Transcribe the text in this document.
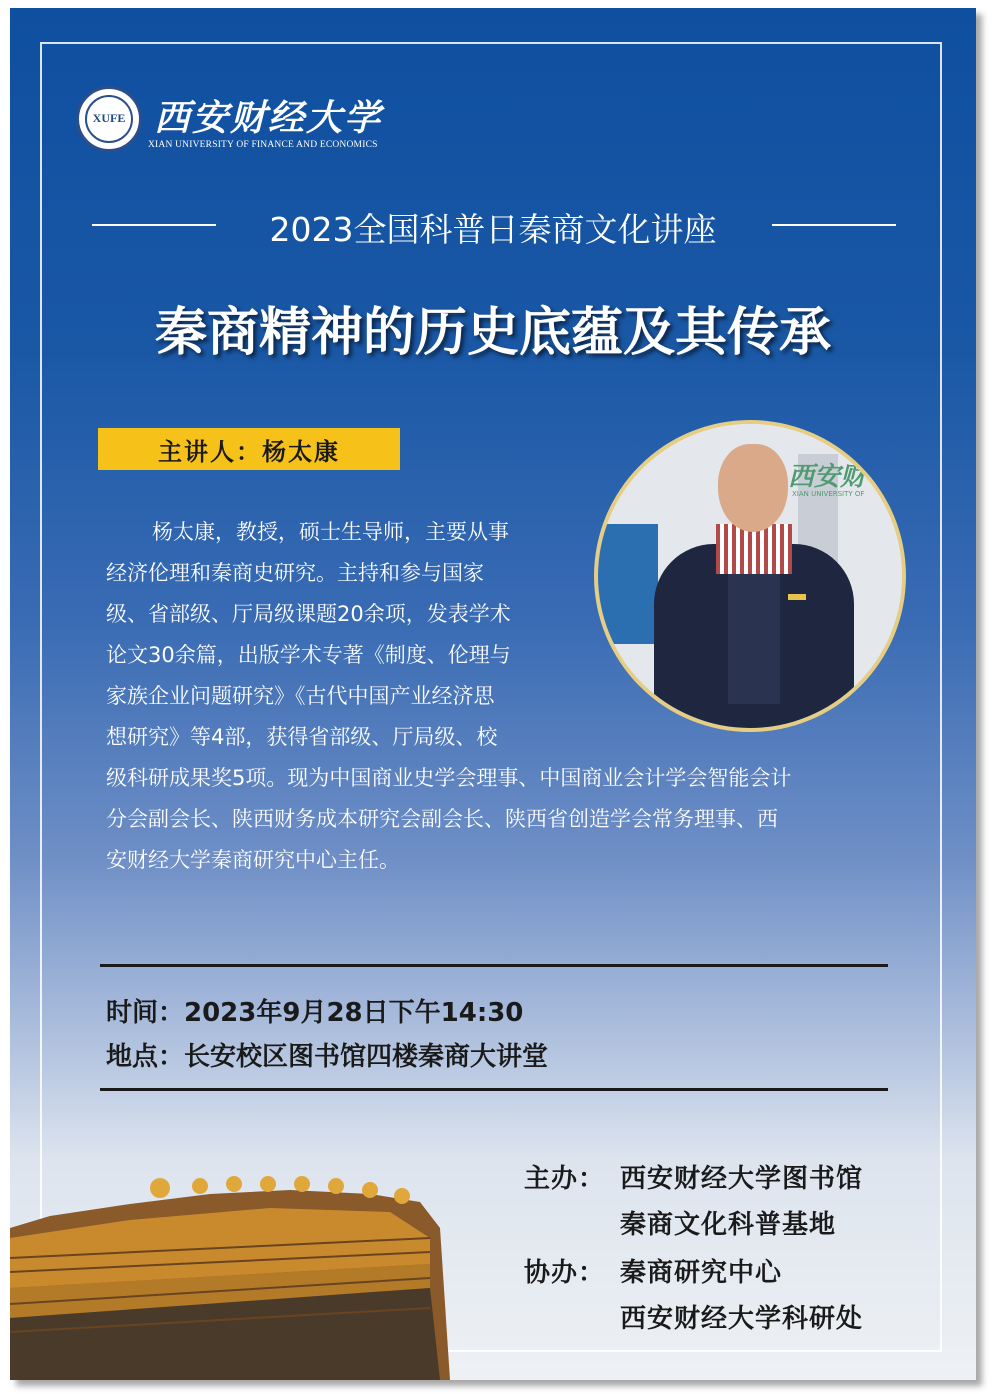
XUFE 西安财经大学
XIAN UNIVERSITY OF FINANCE AND ECONOMICS
2023全国科普日秦商文化讲座
秦商精神的历史底蕴及其传承
主讲人：杨太康
西安财
XIAN UNIVERSITY OF
杨太康，教授，硕士生导师，主要从事
经济伦理和秦商史研究。主持和参与国家
级、省部级、厅局级课题20余项，发表学术
论文30余篇，出版学术专著《制度、伦理与
家族企业问题研究》《古代中国产业经济思
想研究》等4部，获得省部级、厅局级、校
级科研成果奖5项。现为中国商业史学会理事、中国商业会计学会智能会计
分会副会长、陕西财务成本研究会副会长、陕西省创造学会常务理事、西
安财经大学秦商研究中心主任。
时间：2023年9月28日下午14:30
地点：长安校区图书馆四楼秦商大讲堂
主办： 西安财经大学图书馆
秦商文化科普基地
协办： 秦商研究中心
西安财经大学科研处
